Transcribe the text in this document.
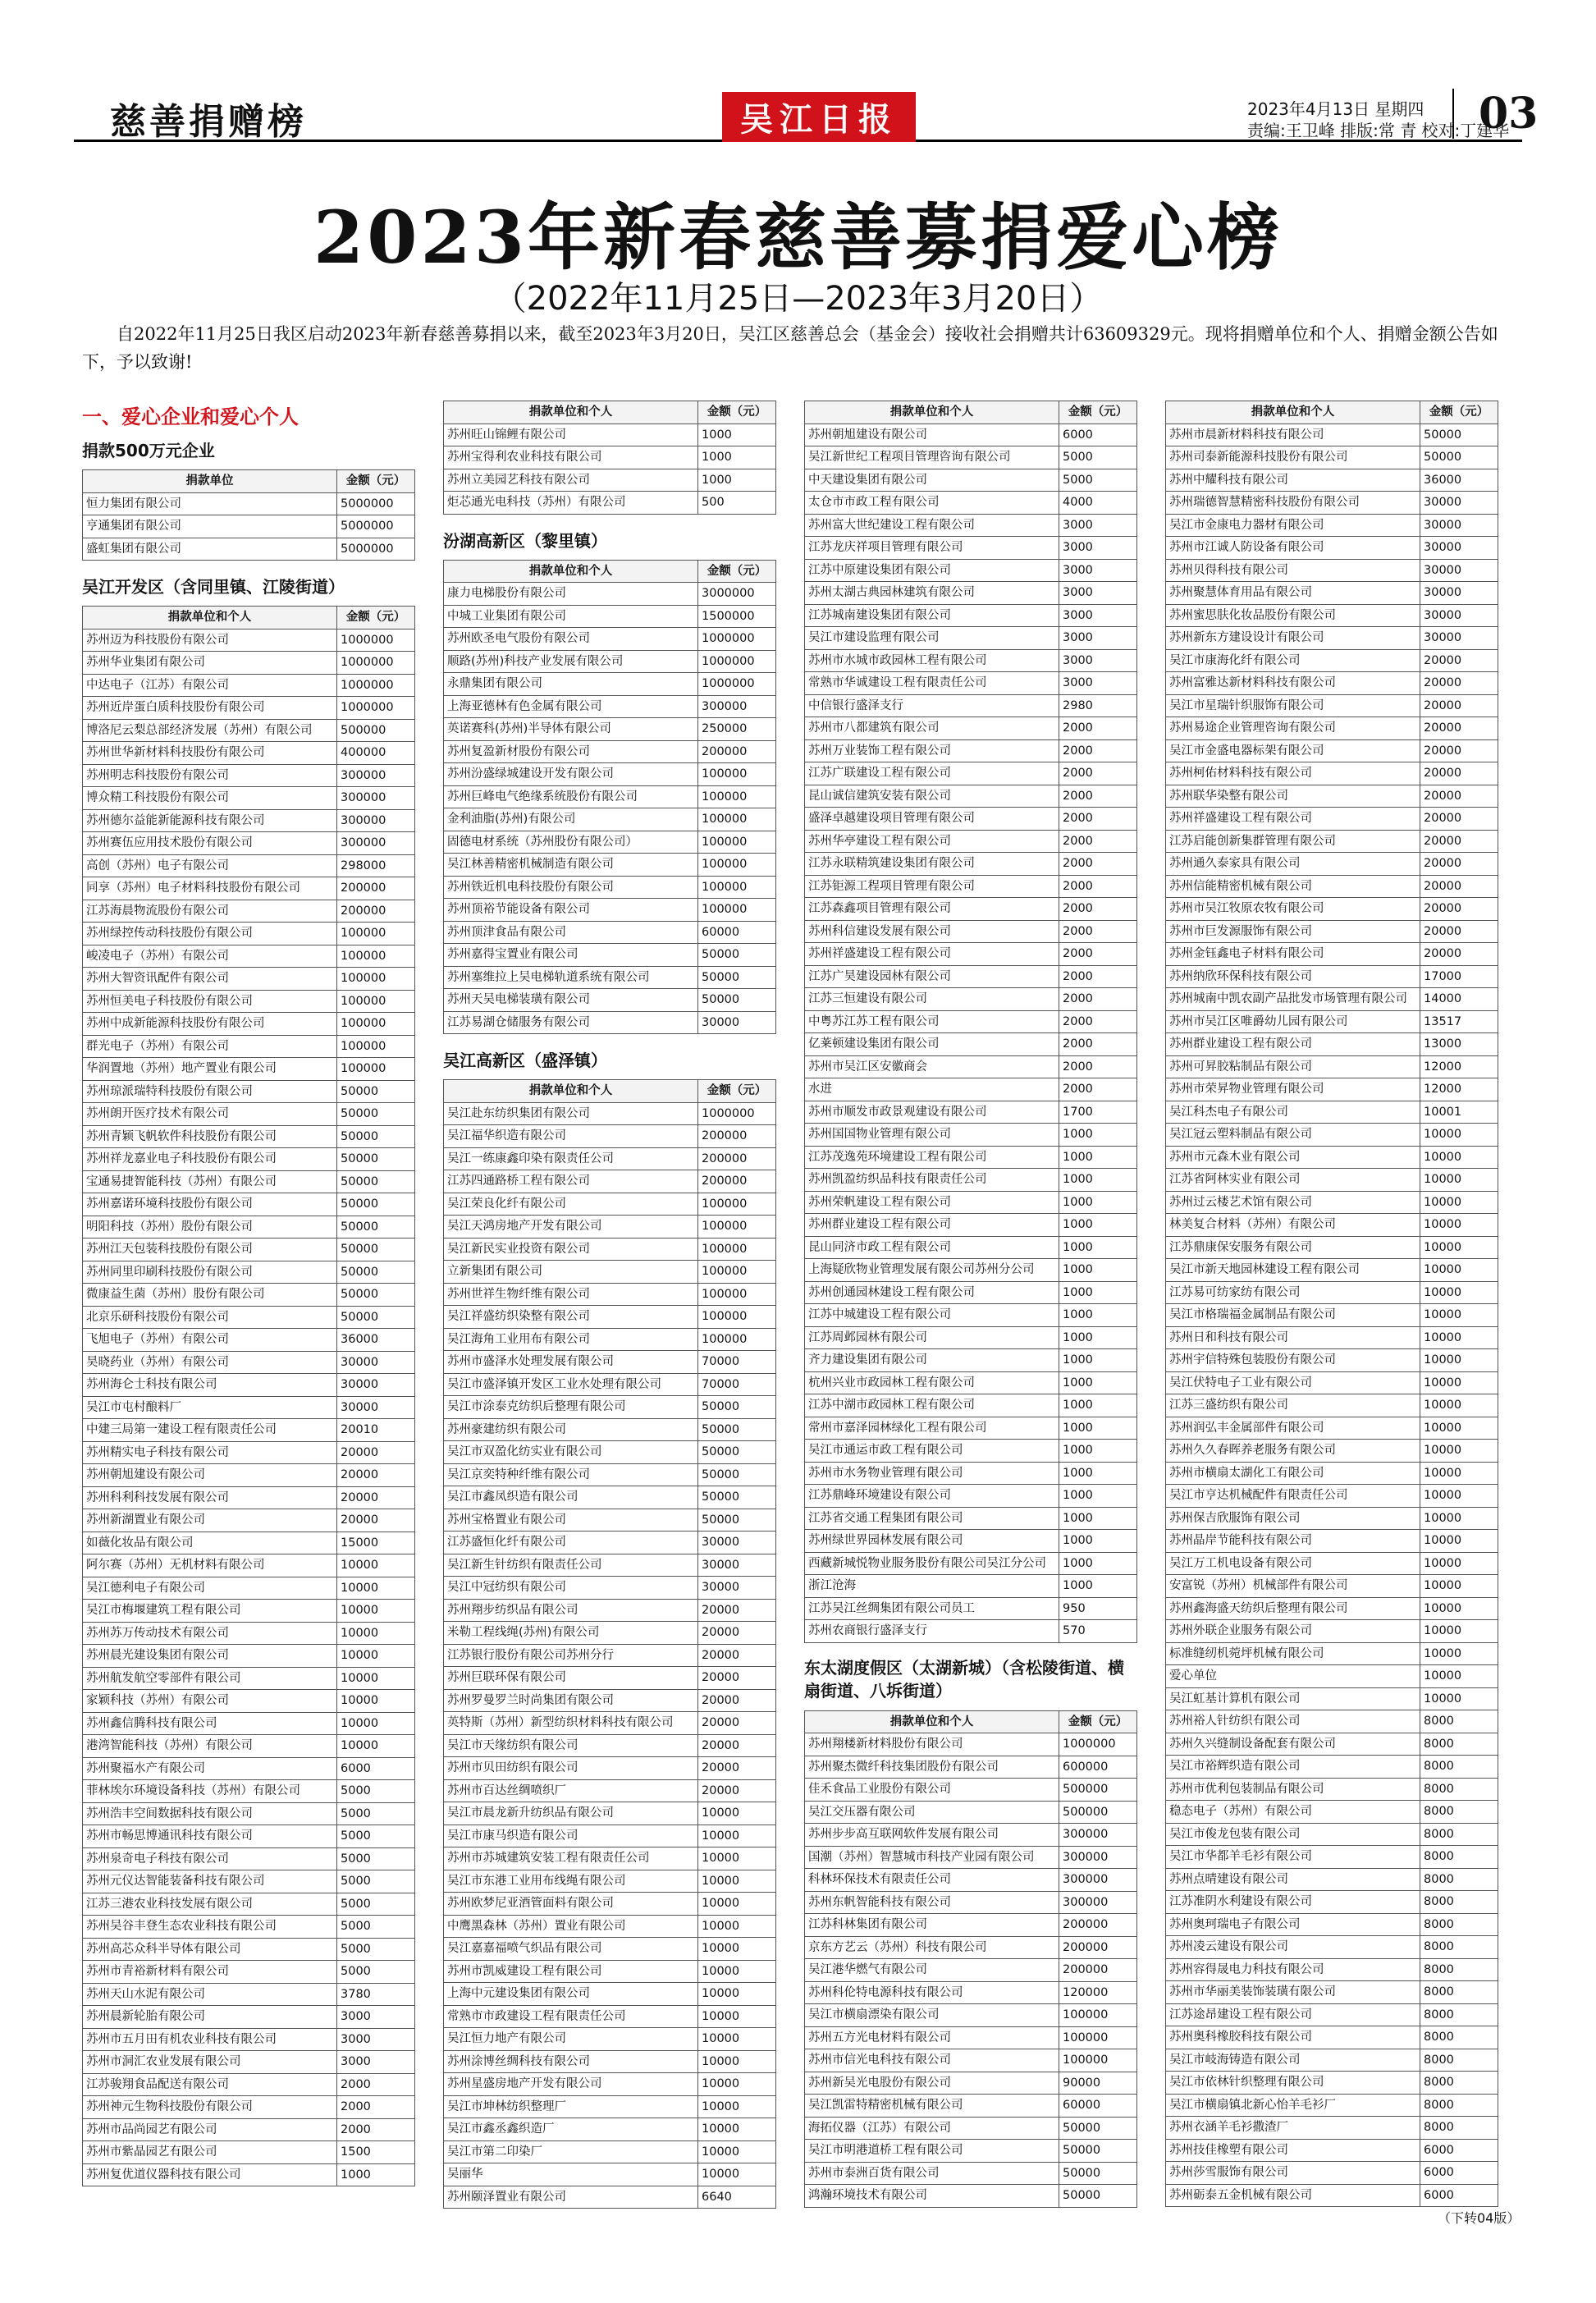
慈善捐赠榜	吴江日报	2023年4月13日 星期四
责编:王卫峰 排版:常 青 校对:丁建华
03
2023年新春慈善募捐爱心榜
（2022年11月25日—2023年3月20日）
自2022年11月25日我区启动2023年新春慈善募捐以来，截至2023年3月20日，吴江区慈善总会（基金会）接收社会捐赠共计63609329元。现将捐赠单位和个人、捐赠金额公告如下，予以致谢!
一、爱心企业和爱心个人
捐款500万元企业
捐款单位	金额（元）
恒力集团有限公司	5000000
亨通集团有限公司	5000000
盛虹集团有限公司	5000000
吴江开发区（含同里镇、江陵街道）
捐款单位和个人	金额（元）
苏州迈为科技股份有限公司	1000000
苏州华业集团有限公司	1000000
中达电子（江苏）有限公司	1000000
苏州近岸蛋白质科技股份有限公司	1000000
博洛尼云梨总部经济发展（苏州）有限公司	500000
苏州世华新材料科技股份有限公司	400000
苏州明志科技股份有限公司	300000
博众精工科技股份有限公司	300000
苏州德尔益能新能源科技有限公司	300000
苏州赛伍应用技术股份有限公司	300000
高创（苏州）电子有限公司	298000
同享（苏州）电子材料科技股份有限公司	200000
江苏海晨物流股份有限公司	200000
苏州绿控传动科技股份有限公司	100000
峻凌电子（苏州）有限公司	100000
苏州大智资讯配件有限公司	100000
苏州恒美电子科技股份有限公司	100000
苏州中成新能源科技股份有限公司	100000
群光电子（苏州）有限公司	100000
华润置地（苏州）地产置业有限公司	100000
苏州琼派瑞特科技股份有限公司	50000
苏州朗开医疗技术有限公司	50000
苏州青颖飞帆软件科技股份有限公司	50000
苏州祥龙嘉业电子科技股份有限公司	50000
宝通易捷智能科技（苏州）有限公司	50000
苏州嘉诺环境科技股份有限公司	50000
明阳科技（苏州）股份有限公司	50000
苏州江天包装科技股份有限公司	50000
苏州同里印刷科技股份有限公司	50000
微康益生菌（苏州）股份有限公司	50000
北京乐研科技股份有限公司	50000
飞旭电子（苏州）有限公司	36000
昊晓药业（苏州）有限公司	30000
苏州海仑士科技有限公司	30000
吴江市屯村酿料厂	30000
中建三局第一建设工程有限责任公司	20010
苏州精实电子科技有限公司	20000
苏州朝旭建设有限公司	20000
苏州科利科技发展有限公司	20000
苏州新湖置业有限公司	20000
如薇化妆品有限公司	15000
阿尔赛（苏州）无机材料有限公司	10000
吴江德利电子有限公司	10000
吴江市梅堰建筑工程有限公司	10000
苏州苏万传动技术有限公司	10000
苏州晨光建设集团有限公司	10000
苏州航发航空零部件有限公司	10000
家颖科技（苏州）有限公司	10000
苏州鑫信腾科技有限公司	10000
港湾智能科技（苏州）有限公司	10000
苏州聚福水产有限公司	6000
菲林埃尔环境设备科技（苏州）有限公司	5000
苏州浩丰空间数据科技有限公司	5000
苏州市畅思博通讯科技有限公司	5000
苏州泉奇电子科技有限公司	5000
苏州元仪达智能装备科技有限公司	5000
江苏三港农业科技发展有限公司	5000
苏州吴谷丰登生态农业科技有限公司	5000
苏州高芯众科半导体有限公司	5000
苏州市青裕新材料有限公司	5000
苏州天山水泥有限公司	3780
苏州晨新轮胎有限公司	3000
苏州市五月田有机农业科技有限公司	3000
苏州市洞汇农业发展有限公司	3000
江苏骏翔食品配送有限公司	2000
苏州神元生物科技股份有限公司	2000
苏州市品尚园艺有限公司	2000
苏州市紫晶园艺有限公司	1500
苏州复优道仪器科技有限公司	1000
捐款单位和个人	金额（元）
苏州旺山锦鲤有限公司	1000
苏州宝得利农业科技有限公司	1000
苏州立美园艺科技有限公司	1000
炬芯通光电科技（苏州）有限公司	500
汾湖高新区（黎里镇）
捐款单位和个人	金额（元）
康力电梯股份有限公司	3000000
中城工业集团有限公司	1500000
苏州欧圣电气股份有限公司	1000000
顺路(苏州)科技产业发展有限公司	1000000
永鼎集团有限公司	1000000
上海亚德林有色金属有限公司	300000
英诺赛科(苏州)半导体有限公司	250000
苏州复盈新材股份有限公司	200000
苏州汾盛绿城建设开发有限公司	100000
苏州巨峰电气绝缘系统股份有限公司	100000
金利油脂(苏州)有限公司	100000
固德电材系统（苏州股份有限公司）	100000
吴江林善精密机械制造有限公司	100000
苏州铁近机电科技股份有限公司	100000
苏州顶裕节能设备有限公司	100000
苏州顶津食品有限公司	60000
苏州嘉得宝置业有限公司	50000
苏州塞维拉上吴电梯轨道系统有限公司	50000
苏州天吴电梯装璜有限公司	50000
江苏易湖仓储服务有限公司	30000
吴江高新区（盛泽镇）
捐款单位和个人	金额（元）
吴江赴东纺织集团有限公司	1000000
吴江福华织造有限公司	200000
吴江一练康鑫印染有限责任公司	200000
江苏四通路桥工程有限公司	200000
吴江荣良化纤有限公司	100000
吴江天鸿房地产开发有限公司	100000
吴江新民实业投资有限公司	100000
立新集团有限公司	100000
苏州世祥生物纤维有限公司	100000
吴江祥盛纺织染整有限公司	100000
吴江海角工业用布有限公司	100000
苏州市盛泽水处理发展有限公司	70000
吴江市盛泽镇开发区工业水处理有限公司	70000
吴江市涂泰克纺织后整理有限公司	50000
苏州豪建纺织有限公司	50000
吴江市双盈化纺实业有限公司	50000
吴江京奕特种纤维有限公司	50000
吴江市鑫凤织造有限公司	50000
苏州宝格置业有限公司	50000
江苏盛恒化纤有限公司	30000
吴江新生针纺织有限责任公司	30000
吴江中冠纺织有限公司	30000
苏州翔步纺织品有限公司	20000
米勒工程线绳(苏州)有限公司	20000
江苏银行股份有限公司苏州分行	20000
苏州巨联环保有限公司	20000
苏州罗曼罗兰时尚集团有限公司	20000
英特斯（苏州）新型纺织材料科技有限公司	20000
吴江市天缘纺织有限公司	20000
苏州市贝田纺织有限公司	20000
苏州市百达丝绸喷织厂	20000
吴江市晨龙新升纺织品有限公司	10000
吴江市康马织造有限公司	10000
苏州市苏城建筑安装工程有限责任公司	10000
吴江市东港工业用布线绳有限公司	10000
苏州欧梦尼亚酒管面料有限公司	10000
中鹰黑森林（苏州）置业有限公司	10000
吴江嘉嘉福喷气织品有限公司	10000
苏州市凯威建设工程有限公司	10000
上海中元建设集团有限公司	10000
常熟市市政建设工程有限责任公司	10000
吴江恒力地产有限公司	10000
苏州涂博丝绸科技有限公司	10000
苏州星盛房地产开发有限公司	10000
吴江市坤林纺织整理厂	10000
吴江市鑫丞鑫织造厂	10000
吴江市第二印染厂	10000
吴丽华	10000
苏州颐泽置业有限公司	6640
捐款单位和个人	金额（元）
苏州朝旭建设有限公司	6000
吴江新世纪工程项目管理咨询有限公司	5000
中天建设集团有限公司	5000
太仓市市政工程有限公司	4000
苏州富大世纪建设工程有限公司	3000
江苏龙庆祥项目管理有限公司	3000
江苏中原建设集团有限公司	3000
苏州太湖古典园林建筑有限公司	3000
江苏城南建设集团有限公司	3000
吴江市建设监理有限公司	3000
苏州市水城市政园林工程有限公司	3000
常熟市华诚建设工程有限责任公司	3000
中信银行盛泽支行	2980
苏州市八都建筑有限公司	2000
苏州万业装饰工程有限公司	2000
江苏广联建设工程有限公司	2000
昆山诚信建筑安装有限公司	2000
盛泽卓越建设项目管理有限公司	2000
苏州华亭建设工程有限公司	2000
江苏永联精筑建设集团有限公司	2000
江苏钜源工程项目管理有限公司	2000
江苏森鑫项目管理有限公司	2000
苏州科信建设发展有限公司	2000
苏州祥盛建设工程有限公司	2000
江苏广昊建设园林有限公司	2000
江苏三恒建设有限公司	2000
中粤苏江苏工程有限公司	2000
亿莱顿建设集团有限公司	2000
苏州市吴江区安徽商会	2000
水进	2000
苏州市顺发市政景观建设有限公司	1700
苏州国国物业管理有限公司	1000
江苏茂逸苑环境建设工程有限公司	1000
苏州凯盈纺织品科技有限责任公司	1000
苏州荣帆建设工程有限公司	1000
苏州群业建设工程有限公司	1000
昆山同济市政工程有限公司	1000
上海疑欣物业管理发展有限公司苏州分公司	1000
苏州创通园林建设工程有限公司	1000
江苏中城建设工程有限公司	1000
江苏周邺园林有限公司	1000
齐力建设集团有限公司	1000
杭州兴业市政园林工程有限公司	1000
江苏中湖市政园林工程有限公司	1000
常州市嘉泽园林绿化工程有限公司	1000
吴江市通运市政工程有限公司	1000
苏州市水务物业管理有限公司	1000
江苏鼎峰环境建设有限公司	1000
江苏省交通工程集团有限公司	1000
苏州绿世界园林发展有限公司	1000
西藏新城悦物业服务股份有限公司吴江分公司	1000
浙江沧海	1000
江苏吴江丝绸集团有限公司员工	950
苏州农商银行盛泽支行	570
东太湖度假区（太湖新城）（含松陵街道、横扇街道、八坼街道）
捐款单位和个人	金额（元）
苏州翔楼新材料股份有限公司	1000000
苏州聚杰微纤科技集团股份有限公司	600000
佳禾食品工业股份有限公司	500000
吴江交压器有限公司	500000
苏州步步高互联网软件发展有限公司	300000
国潮（苏州）智慧城市科技产业园有限公司	300000
科林环保技术有限责任公司	300000
苏州东帆智能科技有限公司	300000
江苏科林集团有限公司	200000
京东方艺云（苏州）科技有限公司	200000
吴江港华燃气有限公司	200000
苏州科伦特电源科技有限公司	120000
吴江市横扇漂染有限公司	100000
苏州五方光电材料有限公司	100000
苏州市信光电科技有限公司	100000
苏州新吴光电股份有限公司	90000
吴江凯雷特精密机械有限公司	60000
海拓仪器（江苏）有限公司	50000
吴江市明港道桥工程有限公司	50000
苏州市泰洲百货有限公司	50000
鸿瀚环境技术有限公司	50000
捐款单位和个人	金额（元）
苏州市晨新材料科技有限公司	50000
苏州司泰新能源科技股份有限公司	50000
苏州中耀科技有限公司	36000
苏州瑞德智慧精密科技股份有限公司	30000
吴江市金康电力器材有限公司	30000
苏州市江诚人防设备有限公司	30000
苏州贝得科技有限公司	30000
苏州聚慧体育用品有限公司	30000
苏州蜜思肤化妆品股份有限公司	30000
苏州新东方建设设计有限公司	30000
吴江市康海化纤有限公司	20000
苏州富雅达新材料科技有限公司	20000
吴江市星瑞针织服饰有限公司	20000
苏州易途企业管理咨询有限公司	20000
吴江市金盛电器标架有限公司	20000
苏州柯佑材料科技有限公司	20000
苏州联华染整有限公司	20000
苏州祥盛建设工程有限公司	20000
江苏启能创新集群管理有限公司	20000
苏州通久泰家具有限公司	20000
苏州信能精密机械有限公司	20000
苏州市吴江牧原农牧有限公司	20000
苏州市巨发源服饰有限公司	20000
苏州金钰鑫电子材料有限公司	20000
苏州纳欣环保科技有限公司	17000
苏州城南中凯农副产品批发市场管理有限公司	14000
苏州市吴江区唯爵幼儿园有限公司	13517
苏州群业建设工程有限公司	13000
苏州可昇胶粘制品有限公司	12000
苏州市荣昇物业管理有限公司	12000
吴江科杰电子有限公司	10001
吴江冠云塑料制品有限公司	10000
苏州市元森木业有限公司	10000
江苏省阿林实业有限公司	10000
苏州过云楼艺术馆有限公司	10000
林美复合材料（苏州）有限公司	10000
江苏鼎康保安服务有限公司	10000
吴江市新天地园林建设工程有限公司	10000
江苏易可纺家纺有限公司	10000
吴江市格瑞福金属制品有限公司	10000
苏州日和科技有限公司	10000
苏州宇信特殊包装股份有限公司	10000
吴江伏特电子工业有限公司	10000
江苏三盛纺织有限公司	10000
苏州润弘丰金属部件有限公司	10000
苏州久久春晖养老服务有限公司	10000
苏州市横扇太湖化工有限公司	10000
吴江市亨达机械配件有限责任公司	10000
苏州保吉欣服饰有限公司	10000
苏州晶岸节能科技有限公司	10000
吴江万工机电设备有限公司	10000
安富锐（苏州）机械部件有限公司	10000
苏州鑫海盛天纺织后整理有限公司	10000
苏州外联企业服务有限公司	10000
标准缝纫机菀坪机械有限公司	10000
爱心单位	10000
吴江虹基计算机有限公司	10000
苏州裕人针纺织有限公司	8000
苏州久兴缝制设备配套有限公司	8000
吴江市裕辉织造有限公司	8000
苏州市优利包装制品有限公司	8000
稳态电子（苏州）有限公司	8000
吴江市俊龙包装有限公司	8000
吴江市华都羊毛衫有限公司	8000
苏州点晴建设有限公司	8000
江苏准阴水利建设有限公司	8000
苏州奥珂瑞电子有限公司	8000
苏州凌云建设有限公司	8000
苏州容得晟电力科技有限公司	8000
苏州市华丽美装饰装璜有限公司	8000
江苏途昂建设工程有限公司	8000
苏州奥科橡胶科技有限公司	8000
吴江市岐海铸造有限公司	8000
吴江市依林针织整理有限公司	8000
吴江市横扇镇北新心怡羊毛衫厂	8000
苏州衣涵羊毛衫撒渣厂	8000
苏州技佳橡塑有限公司	6000
苏州莎雪服饰有限公司	6000
苏州砺泰五金机械有限公司	6000
（下转04版）
